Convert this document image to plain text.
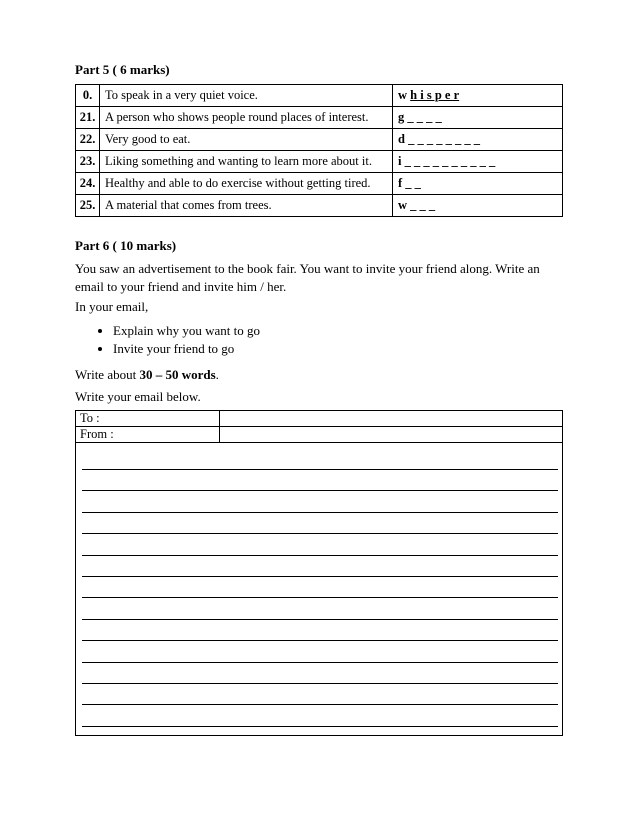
Part 5 ( 6 marks)
0.	To speak in a very quiet voice.	w h i s p e r
21.	A person who shows people round places of interest.	g _ _ _ _
22.	Very good to eat.	d _ _ _ _ _ _ _ _
23.	Liking something and wanting to learn more about it.	i _ _ _ _ _ _ _ _ _ _
24.	Healthy and able to do exercise without getting tired.	f _ _
25.	A material that comes from trees.	w _ _ _
Part 6 ( 10 marks)

You saw an advertisement to the book fair. You want to invite your friend along. Write an email to your friend and invite him / her.

In your email,

• Explain why you want to go
• Invite your friend to go

Write about 30 – 50 words.

Write your email below.

To :
From :
